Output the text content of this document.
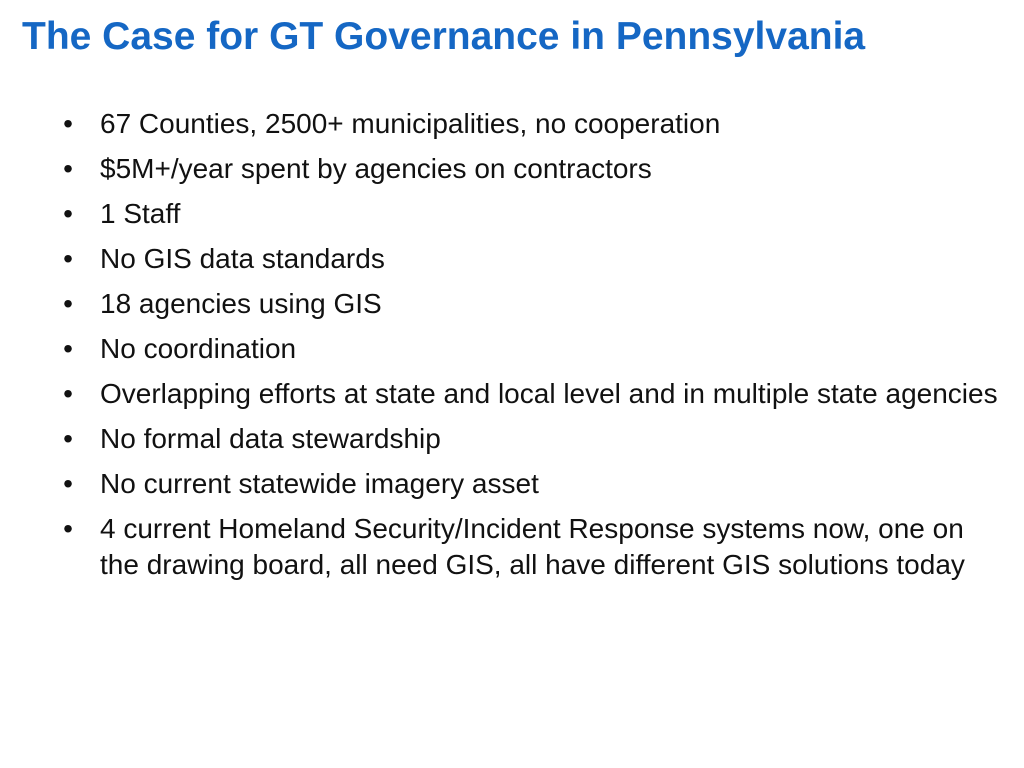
The Case for GT Governance in Pennsylvania
• 67 Counties, 2500+ municipalities, no cooperation
• $5M+/year spent by agencies on contractors
• 1 Staff
• No GIS data standards
• 18 agencies using GIS
• No coordination
• Overlapping efforts at state and local level and in multiple state agencies
• No formal data stewardship
• No current statewide imagery asset
• 4 current Homeland Security/Incident Response systems now, one on the drawing board, all need GIS, all have different GIS solutions today
